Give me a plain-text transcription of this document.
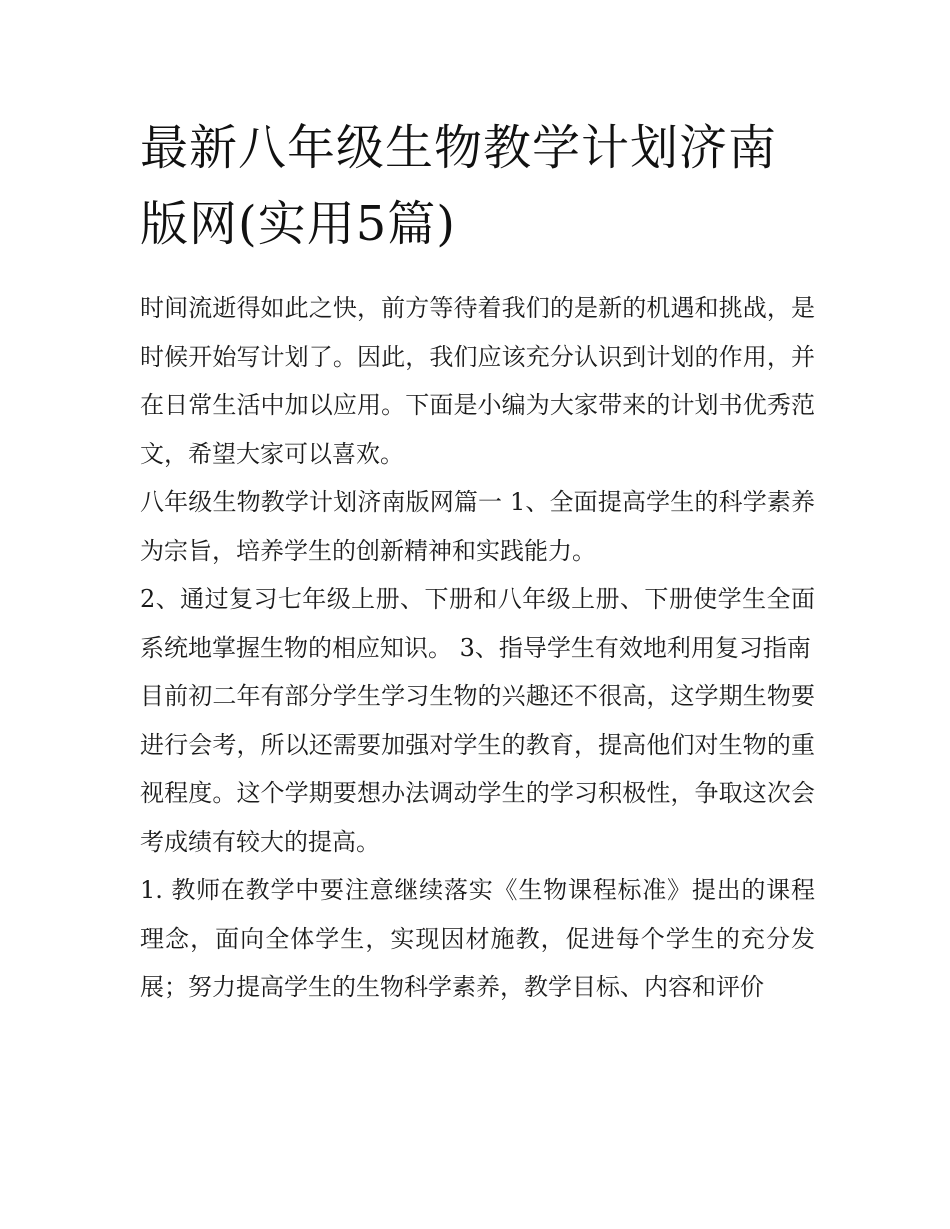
最新八年级生物教学计划济南版网(实用5篇)

时间流逝得如此之快，前方等待着我们的是新的机遇和挑战，是时候开始写计划了。因此，我们应该充分认识到计划的作用，并在日常生活中加以应用。下面是小编为大家带来的计划书优秀范文，希望大家可以喜欢。

八年级生物教学计划济南版网篇一 1、全面提高学生的科学素养为宗旨，培养学生的创新精神和实践能力。

2、通过复习七年级上册、下册和八年级上册、下册使学生全面系统地掌握生物的相应知识。 3、指导学生有效地利用复习指南

目前初二年有部分学生学习生物的兴趣还不很高，这学期生物要进行会考，所以还需要加强对学生的教育，提高他们对生物的重视程度。这个学期要想办法调动学生的学习积极性，争取这次会考成绩有较大的提高。

1. 教师在教学中要注意继续落实《生物课程标准》提出的课程理念，面向全体学生，实现因材施教，促进每个学生的充分发展；努力提高学生的生物科学素养，教学目标、内容和评价
